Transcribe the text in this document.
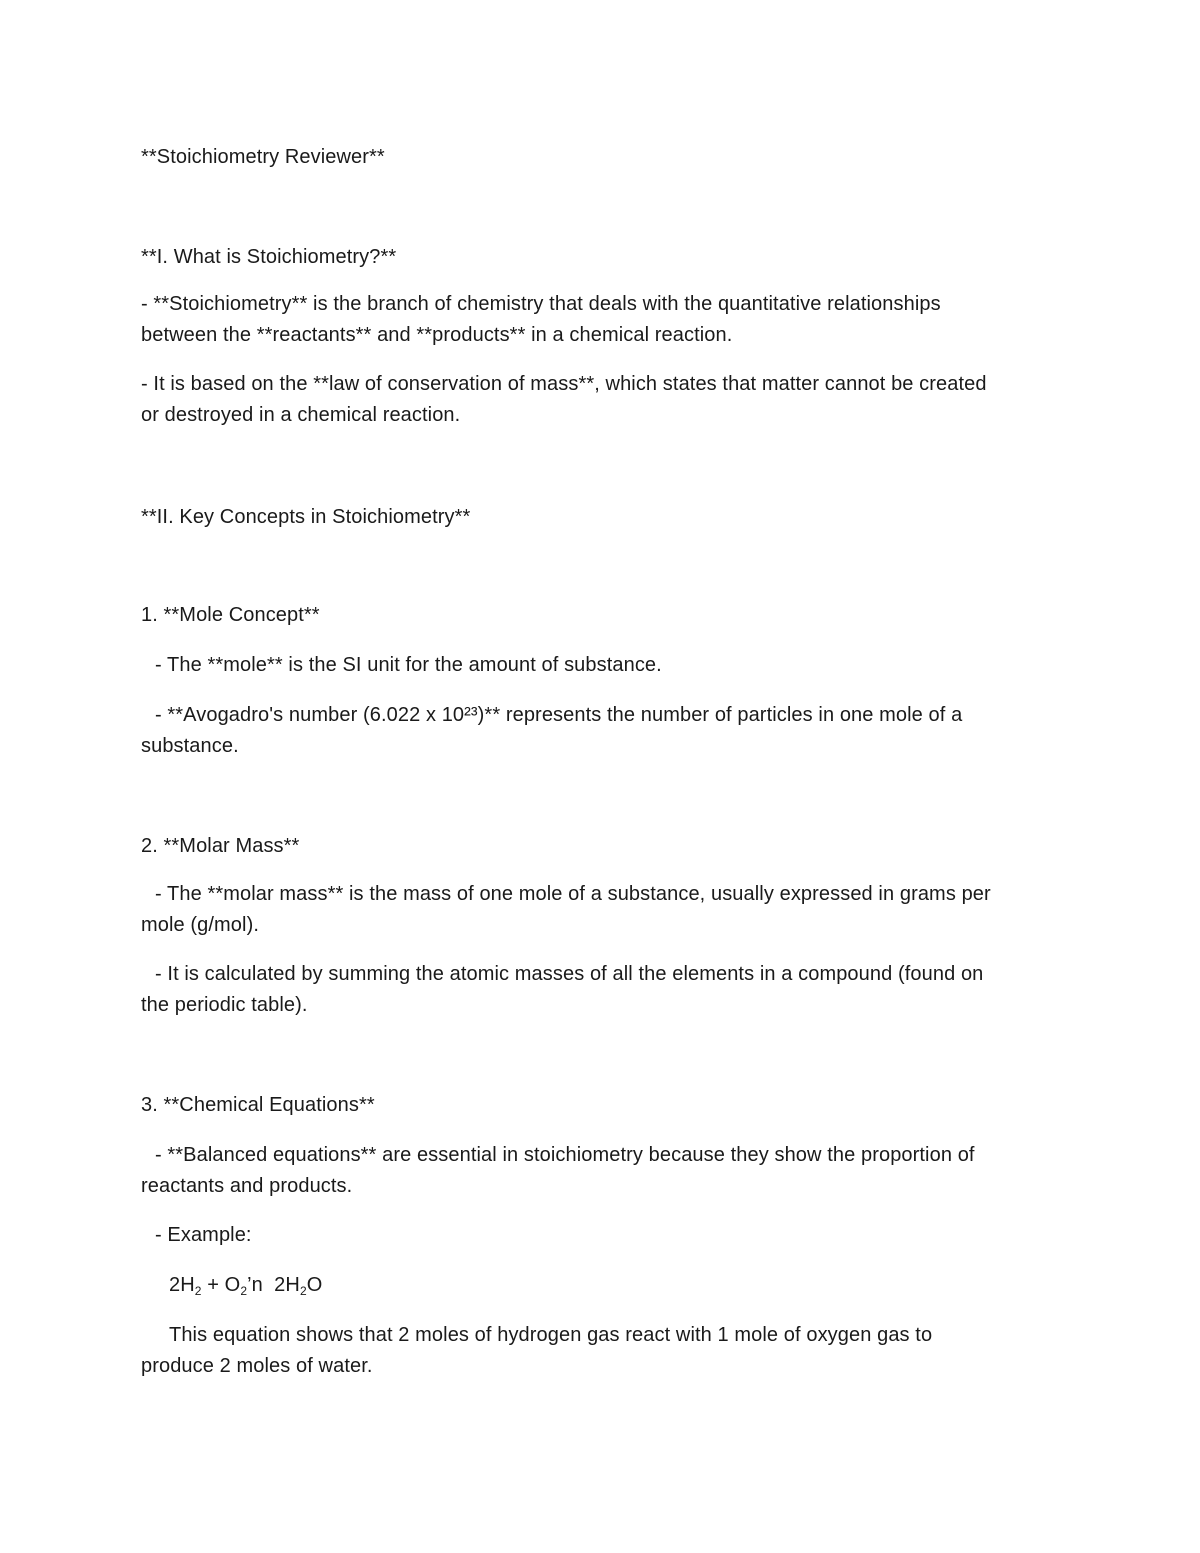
**Stoichiometry Reviewer**
**I. What is Stoichiometry?**
- **Stoichiometry** is the branch of chemistry that deals with the quantitative relationships
between the **reactants** and **products** in a chemical reaction.
- It is based on the **law of conservation of mass**, which states that matter cannot be created
or destroyed in a chemical reaction.
**II. Key Concepts in Stoichiometry**
1. **Mole Concept**
- The **mole** is the SI unit for the amount of substance.
- **Avogadro's number (6.022 x 10²³)** represents the number of particles in one mole of a
substance.
2. **Molar Mass**
- The **molar mass** is the mass of one mole of a substance, usually expressed in grams per
mole (g/mol).
- It is calculated by summing the atomic masses of all the elements in a compound (found on
the periodic table).
3. **Chemical Equations**
- **Balanced equations** are essential in stoichiometry because they show the proportion of
reactants and products.
- Example:
$2H_2$ + $O_2’n$  $2H_2O$
This equation shows that 2 moles of hydrogen gas react with 1 mole of oxygen gas to
produce 2 moles of water.
